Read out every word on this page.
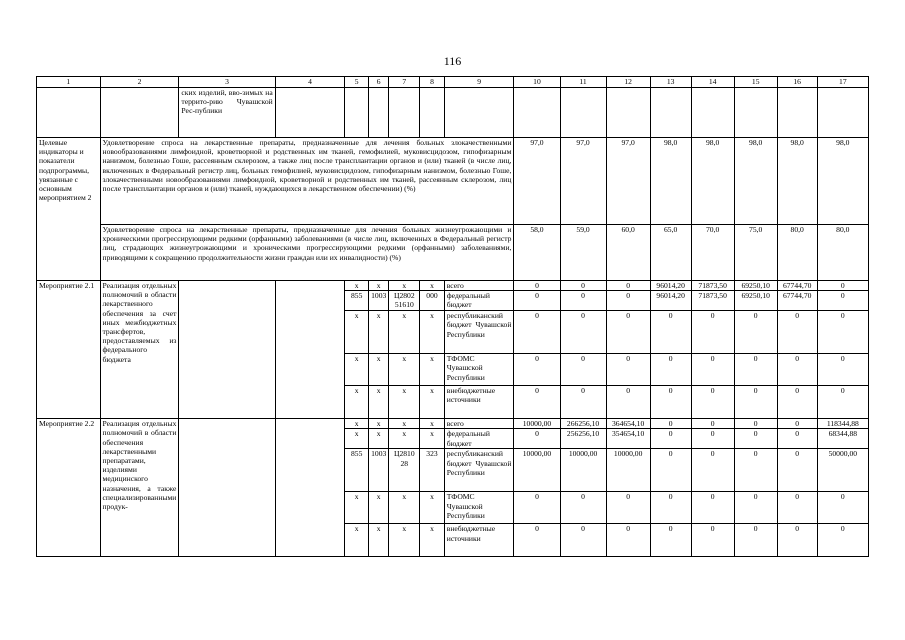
116
1	2	3	4	5	6	7	8	9	10	11	12	13	14	15	16	17
		ских изделий, вво-зимых на террито-рию Чувашской Рес-публики														
Целевые индикаторы и показатели подпрограммы, увязанные с основным мероприятием 2	Удовлетворение спроса на лекарственные препараты, предназначенные для лечения больных злокачественными новообразованиями лимфоидной, кроветворной и родственных им тканей, гемофилией, муковисцидозом, гипофизарным нанизмом, болезнью Гоше, рассеянным склерозом, а также лиц после трансплантации органов и (или) тканей (в числе лиц, включенных в Федеральный регистр лиц, больных гемофилией, муковисцидозом, гипофизарным нанизмом, болезнью Гоше, злокачественными новообразованиями лимфоидной, кроветворной и родственных им тканей, рассеянным склерозом, лиц после трансплантации органов и (или) тканей, нуждающихся в лекарственном обеспечении) (%)								97,0	97,0	97,0	98,0	98,0	98,0	98,0	98,0
	Удовлетворение спроса на лекарственные препараты, предназначенные для лечения больных жизнеугрожающими и хроническими прогрессирующими редкими (орфанными) заболеваниями (в числе лиц, включенных в Федеральный регистр лиц, страдающих жизнеугрожающими и хроническими прогрессирующими редкими (орфанными) заболеваниями, приводящими к сокращению продолжительности жизни граждан или их инвалидности) (%)								58,0	59,0	60,0	65,0	70,0	75,0	80,0	80,0
Мероприятие 2.1	Реализация отдельных полномочий в области лекарственного обеспечения за счет иных межбюджетных трансфертов, предоставляемых из федерального бюджета			x	x	x	x	всего	0	0	0	96014,20	71873,50	69250,10	67744,70	0
				855	1003	Ц2802 51610	000	федеральный бюджет	0	0	0	96014,20	71873,50	69250,10	67744,70	0
				x	x	x	x	республиканский бюджет Чувашской Республики	0	0	0	0	0	0	0	0
				x	x	x	x	ТФОМС Чувашской Республики	0	0	0	0	0	0	0	0
				x	x	x	x	внебюджетные источники	0	0	0	0	0	0	0	0
Мероприятие 2.2	Реализация отдельных полномочий в области обеспечения лекарственными препаратами, изделиями медицинского назначения, а также специализированными продук-			x	x	x	x	всего	10000,00	266256,10	364654,10	0	0	0	0	118344,88
				x	x	x	x	федеральный бюджет	0	256256,10	354654,10	0	0	0	0	68344,88
				855	1003	Ц2810 28	323	республиканский бюджет Чувашской Республики	10000,00	10000,00	10000,00	0	0	0	0	50000,00
				x	x	x	x	ТФОМС Чувашской Республики	0	0	0	0	0	0	0	0
				x	x	x	x	внебюджетные источники	0	0	0	0	0	0	0	0
